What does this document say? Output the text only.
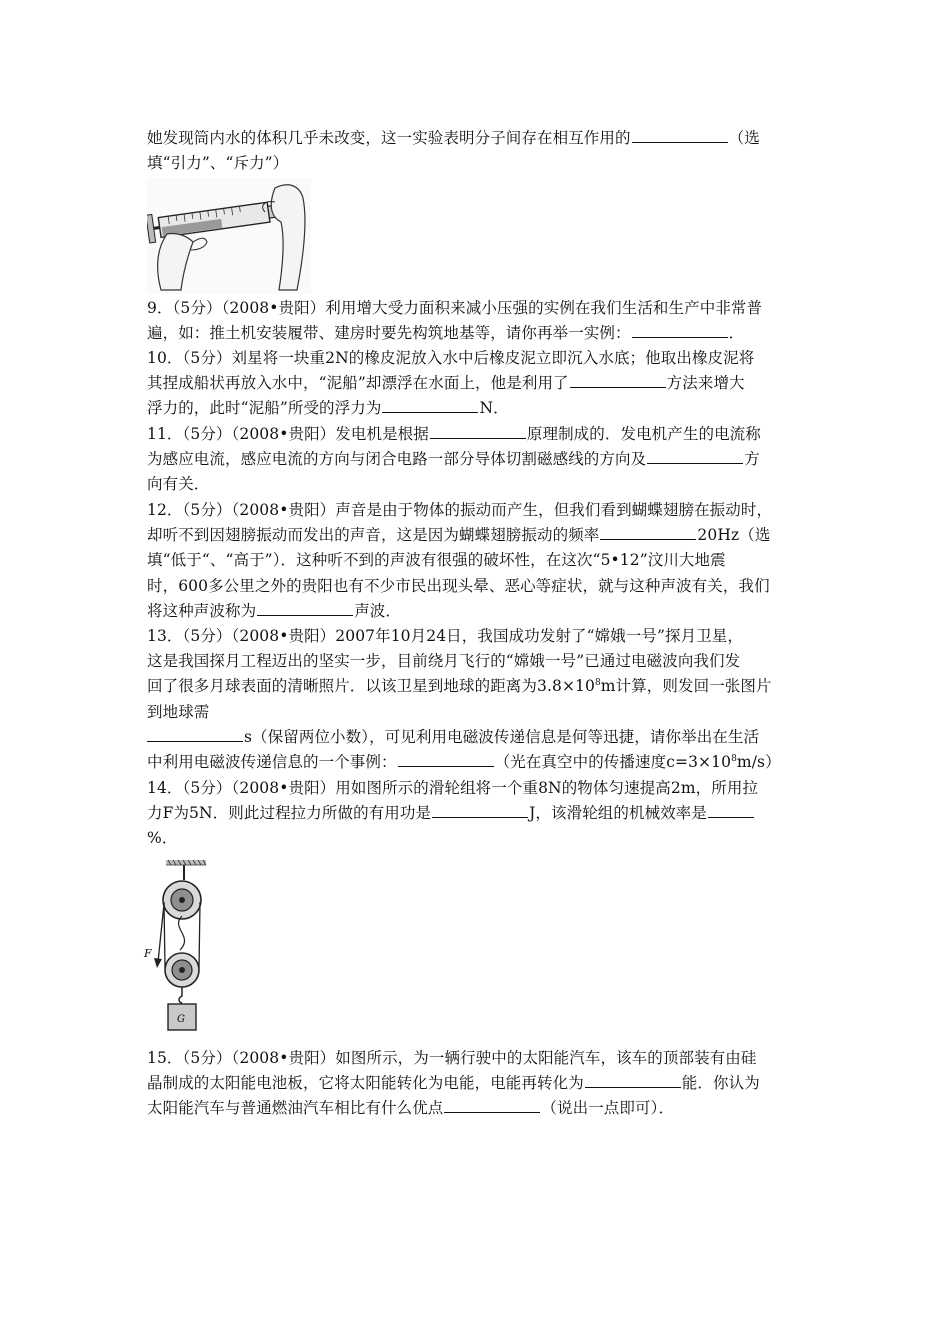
她发现筒内水的体积几乎未改变，这一实验表明分子间存在相互作用的	（选
填“引力”、“斥力”）
9．（5分）（2008•贵阳）利用增大受力面积来减小压强的实例在我们生活和生产中非常普
遍，如：推土机安装履带、建房时要先构筑地基等，请你再举一实例：	．
10．（5分）刘星将一块重2N的橡皮泥放入水中后橡皮泥立即沉入水底；他取出橡皮泥将
其捏成船状再放入水中，“泥船”却漂浮在水面上，他是利用了	方法来增大
浮力的，此时“泥船”所受的浮力为	N．
11．（5分）（2008•贵阳）发电机是根据	原理制成的．发电机产生的电流称
为感应电流，感应电流的方向与闭合电路一部分导体切割磁感线的方向及	方
向有关．
12．（5分）（2008•贵阳）声音是由于物体的振动而产生，但我们看到蝴蝶翅膀在振动时，
却听不到因翅膀振动而发出的声音，这是因为蝴蝶翅膀振动的频率	20Hz（选
填“低于“、“高于”）．这种听不到的声波有很强的破坏性，在这次“5•12”汶川大地震
时，600多公里之外的贵阳也有不少市民出现头晕、恶心等症状，就与这种声波有关，我们
将这种声波称为	声波．
13．（5分）（2008•贵阳）2007年10月24日，我国成功发射了“嫦娥一号”探月卫星，
这是我国探月工程迈出的坚实一步，目前绕月飞行的“嫦娥一号”已通过电磁波向我们发
回了很多月球表面的清晰照片．以该卫星到地球的距离为$3.8\times 10^8m$计算，则发回一张图片
到地球需
s（保留两位小数），可见利用电磁波传递信息是何等迅捷，请你举出在生活
中利用电磁波传递信息的一个事例：	（光在真空中的传播速度$c=3\times 10^8m/s$）
14．（5分）（2008•贵阳）用如图所示的滑轮组将一个重8N的物体匀速提高2m，所用拉
力F为5N．则此过程拉力所做的有用功是	J，该滑轮组的机械效率是
%．
F
G
15．（5分）（2008•贵阳）如图所示，为一辆行驶中的太阳能汽车，该车的顶部装有由硅
晶制成的太阳能电池板，它将太阳能转化为电能，电能再转化为	能．你认为
太阳能汽车与普通燃油汽车相比有什么优点	（说出一点即可）．
